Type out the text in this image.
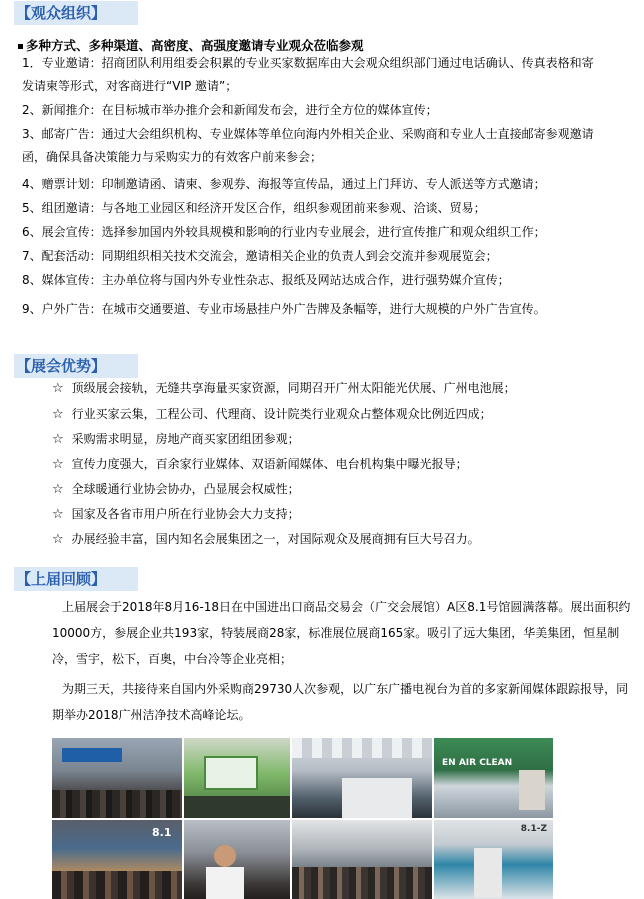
【观众组织】
多种方式、多种渠道、高密度、高强度邀请专业观众莅临参观
1．专业邀请：招商团队利用组委会积累的专业买家数据库由大会观众组织部门通过电话确认、传真表格和寄
发请柬等形式，对客商进行“VIP 邀请”；
2、新闻推介：在目标城市举办推介会和新闻发布会，进行全方位的媒体宣传；
3、邮寄广告：通过大会组织机构、专业媒体等单位向海内外相关企业、采购商和专业人士直接邮寄参观邀请
函，确保具备决策能力与采购实力的有效客户前来参会；
4、赠票计划：印制邀请函、请柬、参观券、海报等宣传品，通过上门拜访、专人派送等方式邀请；
5、组团邀请：与各地工业园区和经济开发区合作，组织参观团前来参观、洽谈、贸易；
6、展会宣传：选择参加国内外较具规模和影响的行业内专业展会，进行宣传推广和观众组织工作；
7、配套活动：同期组织相关技术交流会，邀请相关企业的负责人到会交流并参观展览会；
8、媒体宣传：主办单位将与国内外专业性杂志、报纸及网站达成合作，进行强势媒介宣传；
9、户外广告：在城市交通要道、专业市场悬挂户外广告牌及条幅等，进行大规模的户外广告宣传。
【展会优势】
☆ 顶级展会接轨，无缝共享海量买家资源，同期召开广州太阳能光伏展、广州电池展；
☆ 行业买家云集，工程公司、代理商、设计院类行业观众占整体观众比例近四成；
☆ 采购需求明显，房地产商买家团组团参观；
☆ 宣传力度强大，百余家行业媒体、双语新闻媒体、电台机构集中曝光报导；
☆ 全球暖通行业协会协办，凸显展会权威性；
☆ 国家及各省市用户所在行业协会大力支持；
☆ 办展经验丰富，国内知名会展集团之一，对国际观众及展商拥有巨大号召力。
【上届回顾】
上届展会于2018年8月16-18日在中国进出口商品交易会（广交会展馆）A区8.1号馆圆满落幕。展出面积约10000方，参展企业共193家，特装展商28家，标准展位展商165家。吸引了远大集团，华美集团，恒星制冷，雪宇，松下，百奥，中台冷等企业亮相；
为期三天，共接待来自国内外采购商29730人次参观，以广东广播电视台为首的多家新闻媒体跟踪报导，同期举办2018广州洁净技术高峰论坛。
EN AIR CLEAN
8.1	8.1-Z
